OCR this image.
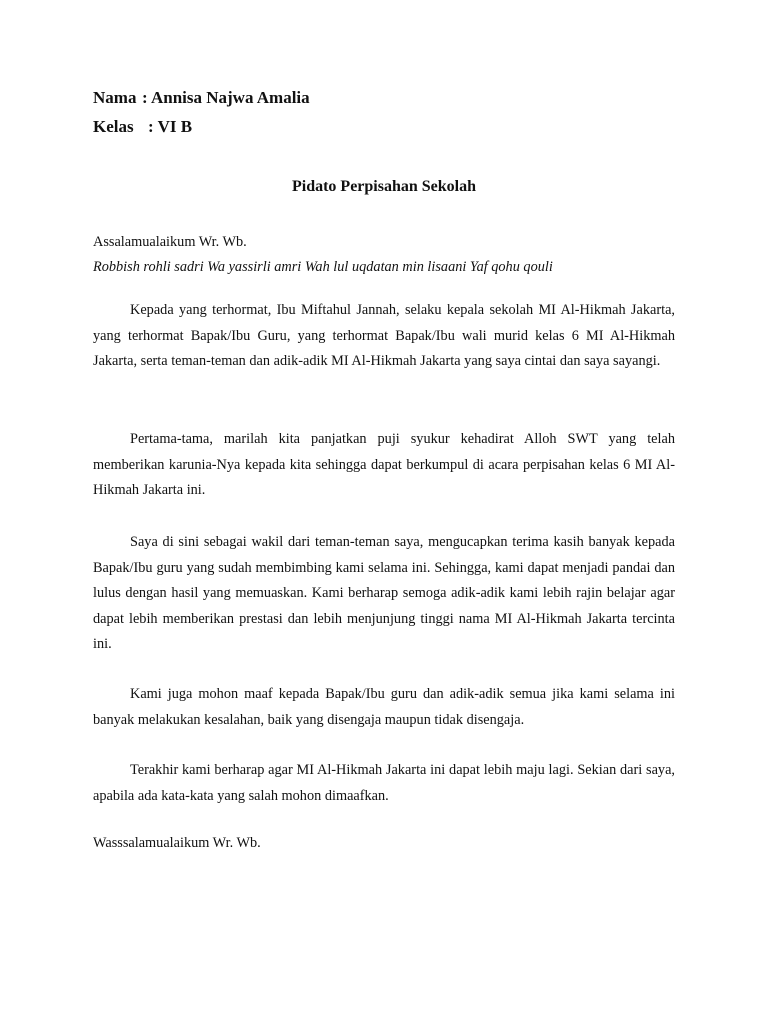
Nama : Annisa Najwa Amalia
Kelas : VI B
Pidato Perpisahan Sekolah
Assalamualaikum Wr. Wb.
Robbish rohli sadri Wa yassirli amri Wah lul uqdatan min lisaani Yaf qohu qouli

Kepada yang terhormat, Ibu Miftahul Jannah, selaku kepala sekolah MI Al-Hikmah Jakarta, yang terhormat Bapak/Ibu Guru, yang terhormat Bapak/Ibu wali murid kelas 6 MI Al-Hikmah Jakarta, serta teman-teman dan adik-adik MI Al-Hikmah Jakarta yang saya cintai dan saya sayangi.

Pertama-tama, marilah kita panjatkan puji syukur kehadirat Alloh SWT yang telah memberikan karunia-Nya kepada kita sehingga dapat berkumpul di acara perpisahan kelas 6 MI Al-Hikmah Jakarta ini.

Saya di sini sebagai wakil dari teman-teman saya, mengucapkan terima kasih banyak kepada Bapak/Ibu guru yang sudah membimbing kami selama ini. Sehingga, kami dapat menjadi pandai dan lulus dengan hasil yang memuaskan. Kami berharap semoga adik-adik kami lebih rajin belajar agar dapat lebih memberikan prestasi dan lebih menjunjung tinggi nama MI Al-Hikmah Jakarta tercinta ini.

Kami juga mohon maaf kepada Bapak/Ibu guru dan adik-adik semua jika kami selama ini banyak melakukan kesalahan, baik yang disengaja maupun tidak disengaja.

Terakhir kami berharap agar MI Al-Hikmah Jakarta ini dapat lebih maju lagi. Sekian dari saya, apabila ada kata-kata yang salah mohon dimaafkan.

Wasssalamualaikum Wr. Wb.
